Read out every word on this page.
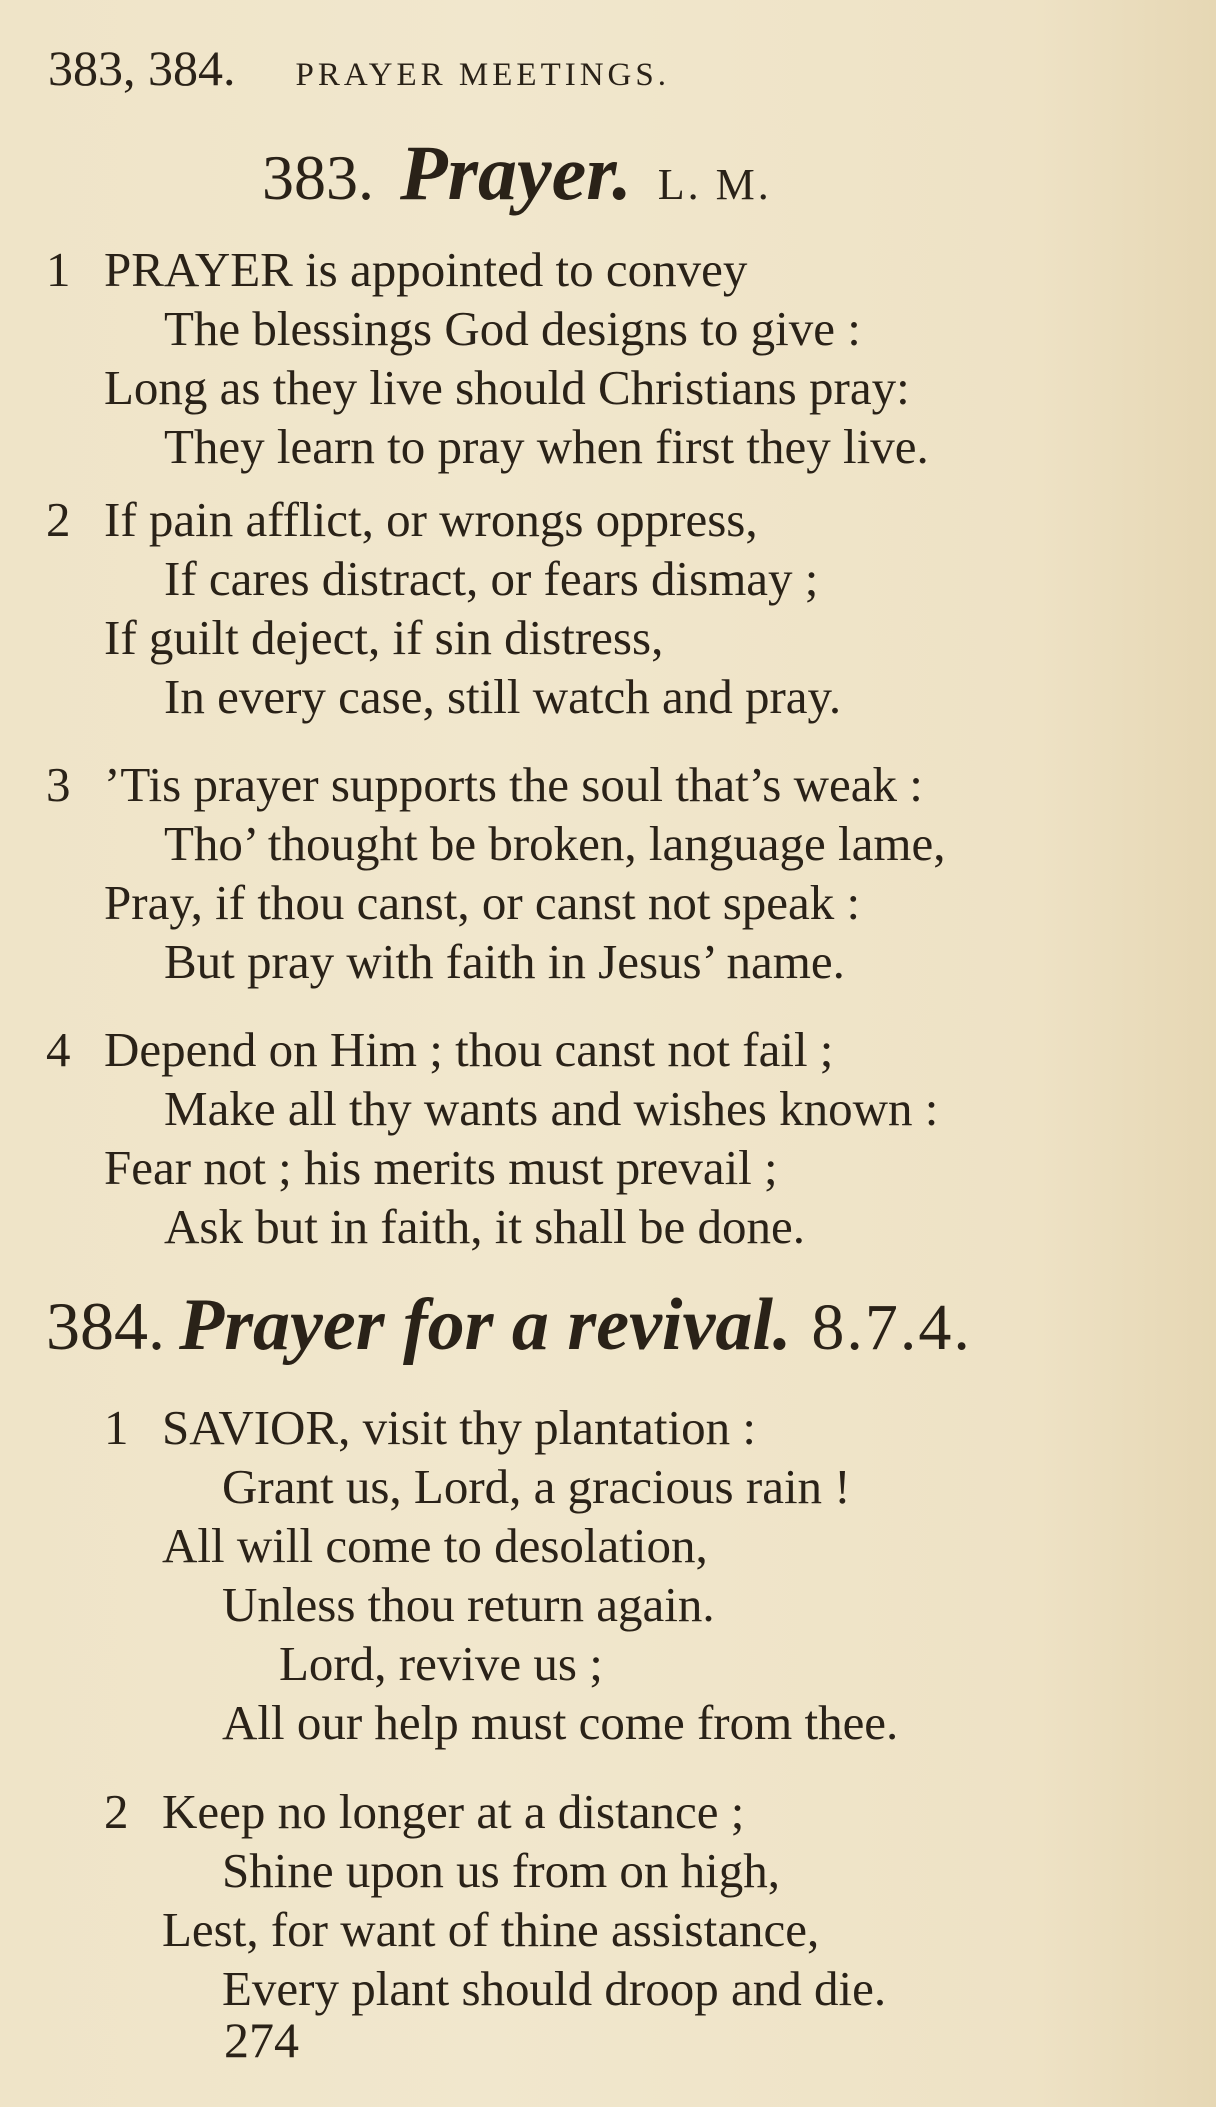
383, 384. PRAYER MEETINGS.
383. Prayer. L. M.
1 PRAYER is appointed to convey
The blessings God designs to give :
Long as they live should Christians pray:
They learn to pray when first they live.
2 If pain afflict, or wrongs oppress,
If cares distract, or fears dismay ;
If guilt deject, if sin distress,
In every case, still watch and pray.
3 ’Tis prayer supports the soul that’s weak :
Tho’ thought be broken, language lame,
Pray, if thou canst, or canst not speak :
But pray with faith in Jesus’ name.
4 Depend on Him ; thou canst not fail ;
Make all thy wants and wishes known :
Fear not ; his merits must prevail ;
Ask but in faith, it shall be done.
384. Prayer for a revival. 8.7.4.
1 SAVIOR, visit thy plantation :
Grant us, Lord, a gracious rain !
All will come to desolation,
Unless thou return again.
Lord, revive us ;
All our help must come from thee.
2 Keep no longer at a distance ;
Shine upon us from on high,
Lest, for want of thine assistance,
Every plant should droop and die.
274
